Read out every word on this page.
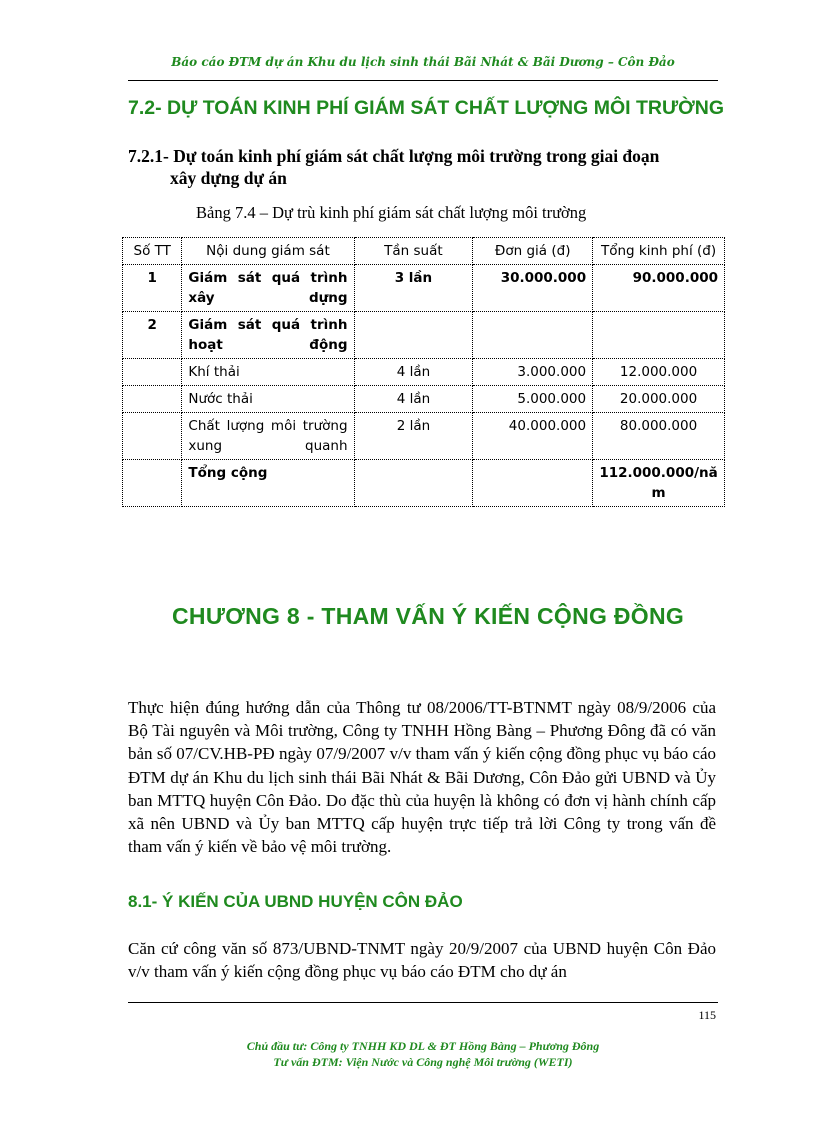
Báo cáo ĐTM dự án Khu du lịch sinh thái Bãi Nhát & Bãi Dương – Côn Đảo
7.2- DỰ TOÁN KINH PHÍ GIÁM SÁT CHẤT LƯỢNG MÔI TRƯỜNG
7.2.1- Dự toán kinh phí giám sát chất lượng môi trường trong giai đoạn
xây dựng dự án
Bảng 7.4 – Dự trù kinh phí giám sát chất lượng môi trường
Số TT	Nội dung giám sát	Tần suất	Đơn giá (đ)	Tổng kinh phí (đ)
1	Giám sát quá trình xây dựng	3 lần	30.000.000	90.000.000
2	Giám sát quá trình hoạt động			

	Khí thải	4 lần	3.000.000	12.000.000
	Nước thải	4 lần	5.000.000	20.000.000

	Chất lượng môi trường xung quanh	2 lần	40.000.000	80.000.000
	Tổng cộng			112.000.000/năm
CHƯƠNG 8 - THAM VẤN Ý KIẾN CỘNG ĐỒNG
Thực hiện đúng hướng dẫn của Thông tư 08/2006/TT-BTNMT ngày 08/9/2006 của Bộ Tài nguyên và Môi trường, Công ty TNHH Hồng Bàng – Phương Đông đã có văn bản số 07/CV.HB-PĐ ngày 07/9/2007 v/v tham vấn ý kiến cộng đồng phục vụ báo cáo ĐTM dự án Khu du lịch sinh thái Bãi Nhát & Bãi Dương, Côn Đảo gửi UBND và Ủy ban MTTQ huyện Côn Đảo. Do đặc thù của huyện là không có đơn vị hành chính cấp xã nên UBND và Ủy ban MTTQ cấp huyện trực tiếp trả lời Công ty trong vấn đề tham vấn ý kiến về bảo vệ môi trường.
8.1- Ý KIẾN CỦA UBND HUYỆN CÔN ĐẢO
Căn cứ công văn số 873/UBND-TNMT ngày 20/9/2007 của UBND huyện Côn Đảo v/v tham vấn ý kiến cộng đồng phục vụ báo cáo ĐTM cho dự án
115
Chủ đầu tư: Công ty TNHH KD DL & ĐT Hồng Bàng – Phương Đông
Tư vấn ĐTM: Viện Nước và Công nghệ Môi trường (WETI)
